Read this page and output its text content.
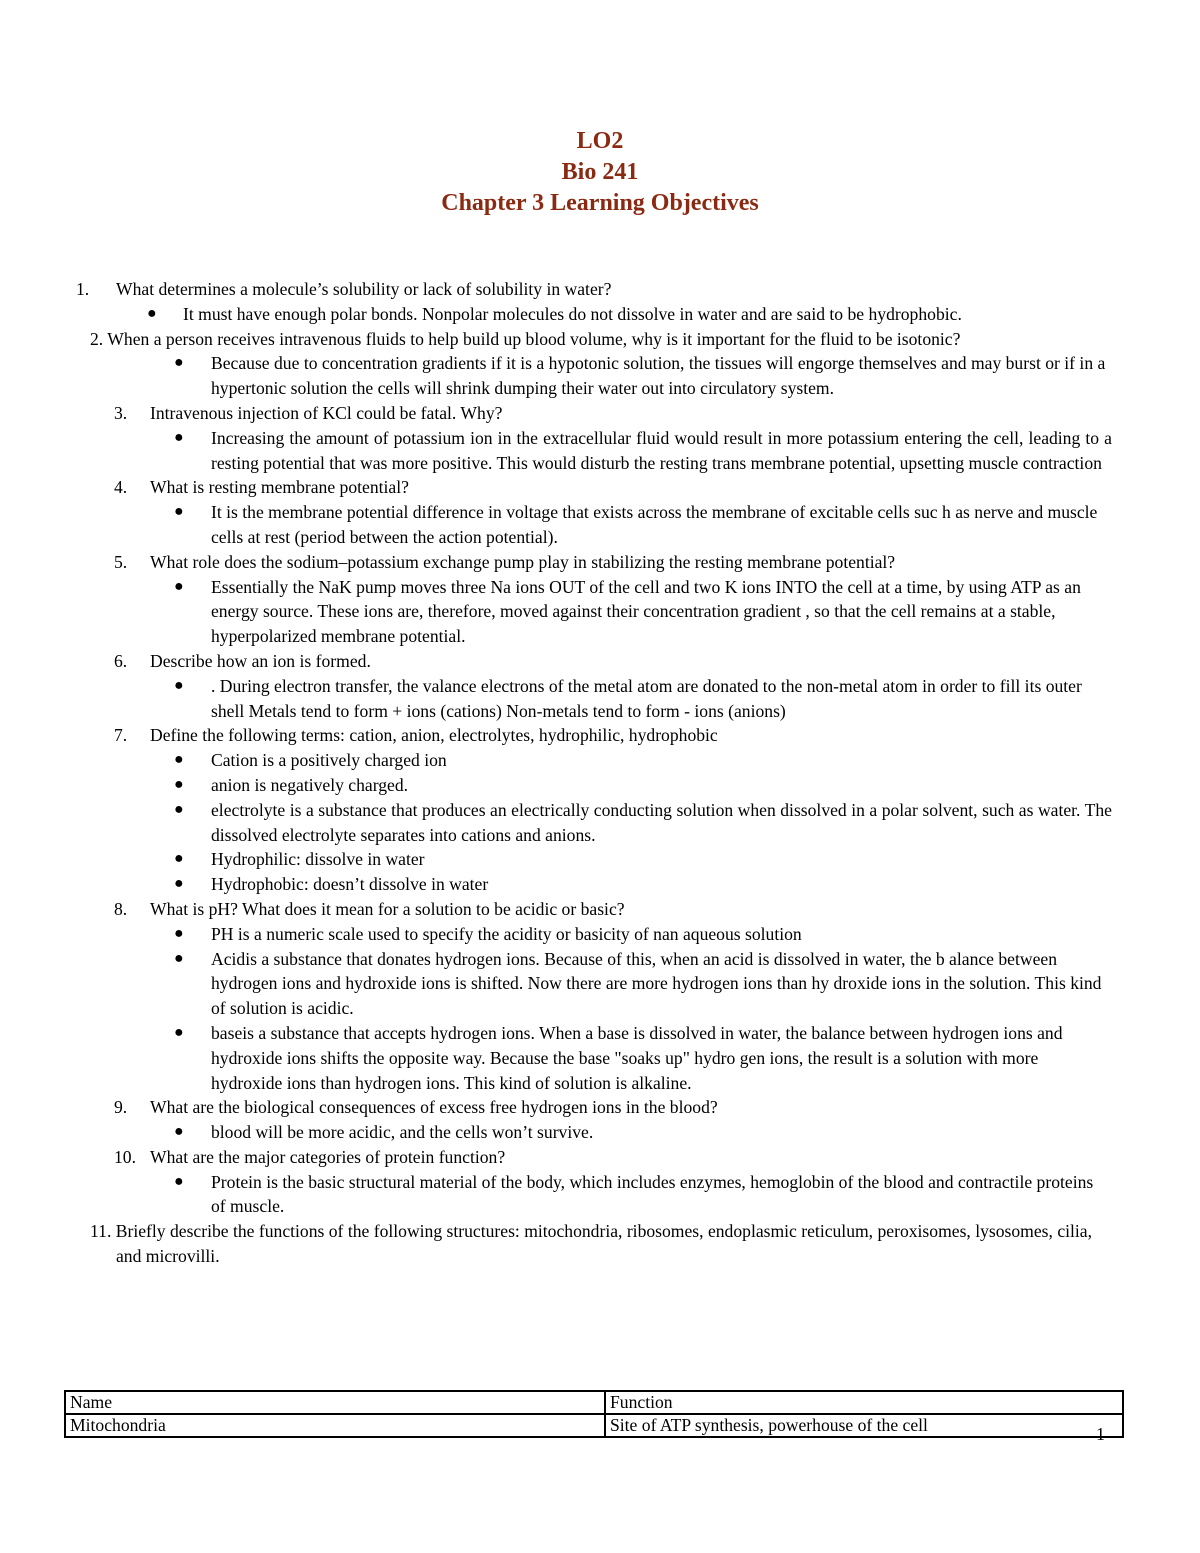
LO2
Bio 241
Chapter 3 Learning Objectives
1. What determines a molecule’s solubility or lack of solubility in water?
● It must have enough polar bonds. Nonpolar molecules do not dissolve in water and are said to be hydrophobic.
2. When a person receives intravenous fluids to help build up blood volume, why is it important for the fluid to be isotonic?
● Because due to concentration gradients if it is a hypotonic solution, the tissues will engorge themselves and may burst or if in a
hypertonic solution the cells will shrink dumping their water out into circulatory system.
3. Intravenous injection of KCl could be fatal. Why?
● Increasing the amount of potassium ion in the extracellular fluid would result in more potassium entering the cell, leading to a resting potential that was more positive. This would disturb the resting trans membrane potential, upsetting muscle contraction
4. What is resting membrane potential?
● It is the membrane potential difference in voltage that exists across the membrane of excitable cells suc h as nerve and muscle cells at rest (period between the action potential).
5. What role does the sodium–potassium exchange pump play in stabilizing the resting membrane potential?
● Essentially the NaK pump moves three Na ions OUT of the cell and two K ions INTO the cell at a time, by using ATP as an energy source. These ions are, therefore, moved against their concentration gradient , so that the cell remains at a stable, hyperpolarized membrane potential.
6. Describe how an ion is formed.
● . During electron transfer, the valance electrons of the metal atom are donated to the non-metal atom in order to fill its outer shell Metals tend to form + ions (cations) Non-metals tend to form - ions (anions)
7. Define the following terms: cation, anion, electrolytes, hydrophilic, hydrophobic
● Cation is a positively charged ion
● anion is negatively charged.
● electrolyte is a substance that produces an electrically conducting solution when dissolved in a polar solvent, such as water. The dissolved electrolyte separates into cations and anions.
● Hydrophilic: dissolve in water
● Hydrophobic: doesn’t dissolve in water
8. What is pH? What does it mean for a solution to be acidic or basic?
● PH is a numeric scale used to specify the acidity or basicity of nan aqueous solution
● Acidis a substance that donates hydrogen ions. Because of this, when an acid is dissolved in water, the b alance between hydrogen ions and hydroxide ions is shifted. Now there are more hydrogen ions than hy droxide ions in the solution. This kind of solution is acidic.
● baseis a substance that accepts hydrogen ions. When a base is dissolved in water, the balance between hydrogen ions and hydroxide ions shifts the opposite way. Because the base "soaks up" hydro gen ions, the result is a solution with more hydroxide ions than hydrogen ions. This kind of solution is alkaline.
9. What are the biological consequences of excess free hydrogen ions in the blood?
● blood will be more acidic, and the cells won’t survive.
10. What are the major categories of protein function?
● Protein is the basic structural material of the body, which includes enzymes, hemoglobin of the blood and contractile proteins of muscle.
11. Briefly describe the functions of the following structures: mitochondria, ribosomes, endoplasmic reticulum, peroxisomes, lysosomes, cilia, and microvilli.
Name	Function
Mitochondria	Site of ATP synthesis, powerhouse of the cell	1
